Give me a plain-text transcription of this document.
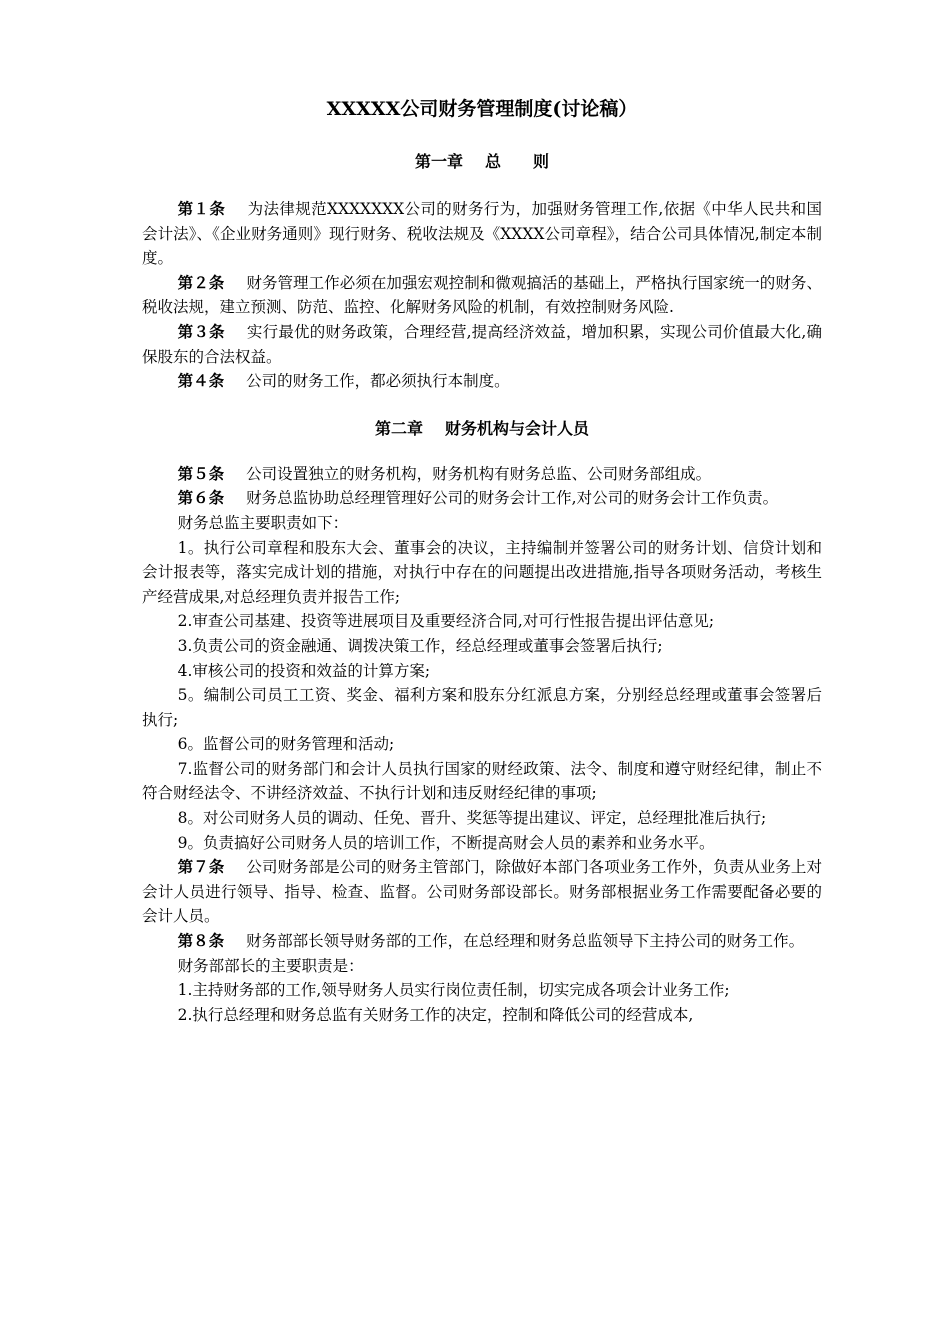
XXXXX公司财务管理制度(讨论稿）
第一章 总　　则

第１条 为法律规范XXXXXXX公司的财务行为，加强财务管理工作,依据《中华人民共和国会计法》、《企业财务通则》现行财务、税收法规及《XXXX公司章程》，结合公司具体情况,制定本制度。

第２条 财务管理工作必须在加强宏观控制和微观搞活的基础上，严格执行国家统一的财务、税收法规，建立预测、防范、监控、化解财务风险的机制，有效控制财务风险.

第３条 实行最优的财务政策，合理经营,提高经济效益，增加积累，实现公司价值最大化,确保股东的合法权益。

第４条 公司的财务工作，都必须执行本制度。

第二章 财务机构与会计人员

第５条 公司设置独立的财务机构，财务机构有财务总监、公司财务部组成。

第６条 财务总监协助总经理管理好公司的财务会计工作,对公司的财务会计工作负责。

财务总监主要职责如下：

1。执行公司章程和股东大会、董事会的决议，主持编制并签署公司的财务计划、信贷计划和会计报表等，落实完成计划的措施，对执行中存在的问题提出改进措施,指导各项财务活动，考核生产经营成果,对总经理负责并报告工作;

2.审查公司基建、投资等进展项目及重要经济合同,对可行性报告提出评估意见;

3.负责公司的资金融通、调拨决策工作，经总经理或董事会签署后执行;

4.审核公司的投资和效益的计算方案;

5。编制公司员工工资、奖金、福利方案和股东分红派息方案，分别经总经理或董事会签署后执行;

6。监督公司的财务管理和活动;

7.监督公司的财务部门和会计人员执行国家的财经政策、法令、制度和遵守财经纪律，制止不符合财经法令、不讲经济效益、不执行计划和违反财经纪律的事项;

8。对公司财务人员的调动、任免、晋升、奖惩等提出建议、评定，总经理批准后执行;

9。负责搞好公司财务人员的培训工作，不断提高财会人员的素养和业务水平。

第７条 公司财务部是公司的财务主管部门，除做好本部门各项业务工作外，负责从业务上对会计人员进行领导、指导、检查、监督。公司财务部设部长。财务部根据业务工作需要配备必要的会计人员。

第８条 财务部部长领导财务部的工作，在总经理和财务总监领导下主持公司的财务工作。

财务部部长的主要职责是：

1.主持财务部的工作,领导财务人员实行岗位责任制，切实完成各项会计业务工作;

2.执行总经理和财务总监有关财务工作的决定，控制和降低公司的经营成本,
